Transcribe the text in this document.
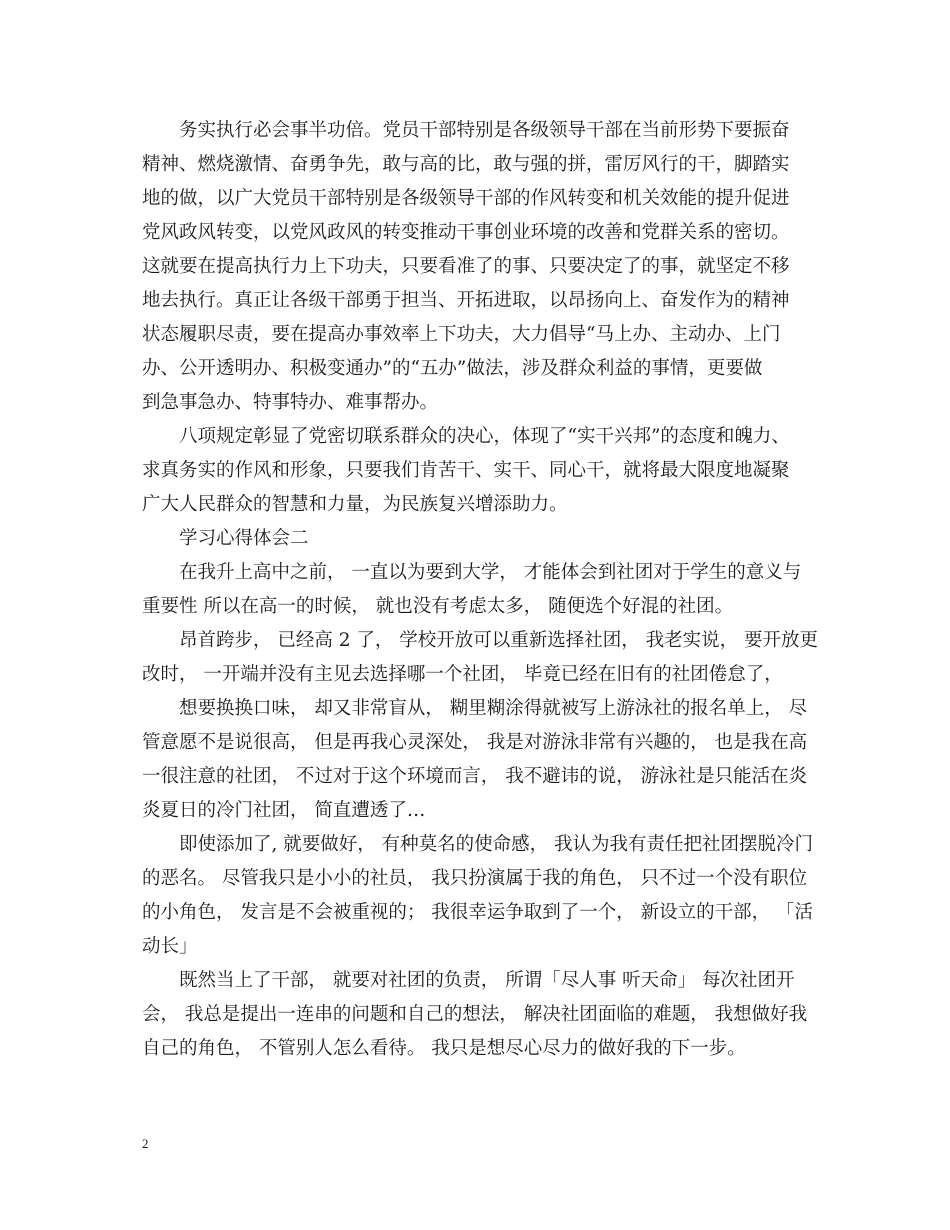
　　务实执行必会事半功倍。党员干部特别是各级领导干部在当前形势下要振奋
精神、燃烧激情、奋勇争先，敢与高的比，敢与强的拼，雷厉风行的干，脚踏实
地的做，以广大党员干部特别是各级领导干部的作风转变和机关效能的提升促进
党风政风转变，以党风政风的转变推动干事创业环境的改善和党群关系的密切。
这就要在提高执行力上下功夫，只要看准了的事、只要决定了的事，就坚定不移
地去执行。真正让各级干部勇于担当、开拓进取，以昂扬向上、奋发作为的精神
状态履职尽责，要在提高办事效率上下功夫，大力倡导“马上办、主动办、上门
办、公开透明办、积极变通办”的“五办”做法，涉及群众利益的事情，更要做
到急事急办、特事特办、难事帮办。
　　八项规定彰显了党密切联系群众的决心，体现了“实干兴邦”的态度和魄力、
求真务实的作风和形象，只要我们肯苦干、实干、同心干，就将最大限度地凝聚
广大人民群众的智慧和力量，为民族复兴增添助力。
　　学习心得体会二
　　在我升上高中之前， 一直以为要到大学， 才能体会到社团对于学生的意义与
重要性 所以在高一的时候， 就也没有考虑太多， 随便选个好混的社团。
　　昂首跨步， 已经高 2 了， 学校开放可以重新选择社团， 我老实说， 要开放更
改时， 一开端并没有主见去选择哪一个社团， 毕竟已经在旧有的社团倦怠了，
　　想要换换口味， 却又非常盲从， 糊里糊涂得就被写上游泳社的报名单上， 尽
管意愿不是说很高， 但是再我心灵深处， 我是对游泳非常有兴趣的， 也是我在高
一很注意的社团， 不过对于这个环境而言， 我不避讳的说， 游泳社是只能活在炎
炎夏日的冷门社团， 简直遭透了…
　　即使添加了, 就要做好， 有种莫名的使命感， 我认为我有责任把社团摆脱冷门
的恶名。 尽管我只是小小的社员， 我只扮演属于我的角色， 只不过一个没有职位
的小角色， 发言是不会被重视的； 我很幸运争取到了一个， 新设立的干部， 「活
动长」
　　既然当上了干部， 就要对社团的负责， 所谓「尽人事 听天命」 每次社团开
会， 我总是提出一连串的问题和自己的想法， 解决社团面临的难题， 我想做好我
自己的角色， 不管别人怎么看待。 我只是想尽心尽力的做好我的下一步。
2
